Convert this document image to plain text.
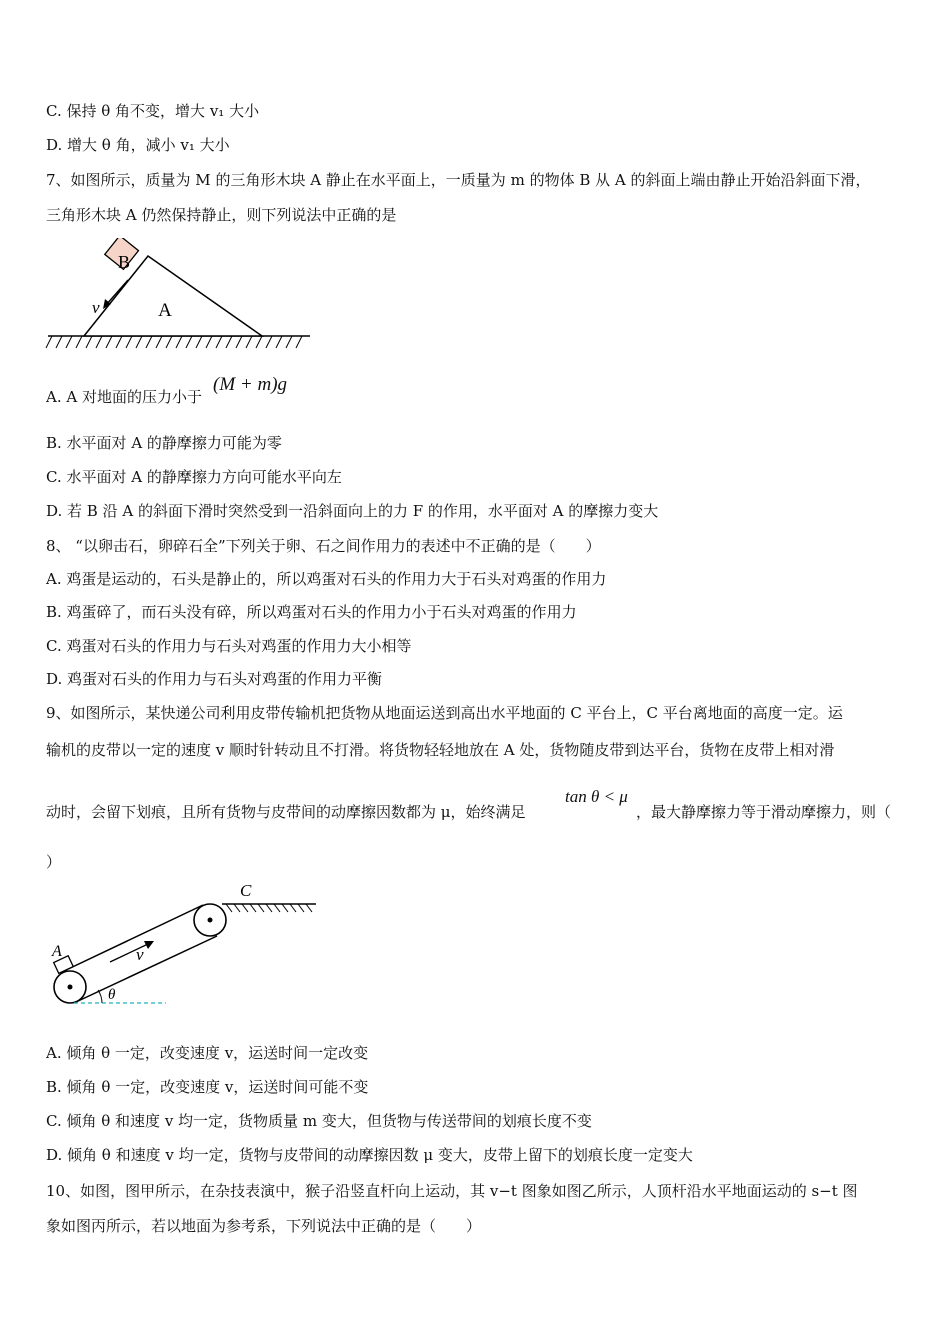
C. 保持 θ 角不变，增大 v₁ 大小
D. 增大 θ 角，减小 v₁ 大小
7、如图所示，质量为 M 的三角形木块 A 静止在水平面上，一质量为 m 的物体 B 从 A 的斜面上端由静止开始沿斜面下滑，
三角形木块 A 仍然保持静止，则下列说法中正确的是
B
v	A
A. A 对地面的压力小于
(M + m)g
B. 水平面对 A 的静摩擦力可能为零
C. 水平面对 A 的静摩擦力方向可能水平向左
D. 若 B 沿 A 的斜面下滑时突然受到一沿斜面向上的力 F 的作用，水平面对 A 的摩擦力变大
8、 “以卵击石，卵碎石全”下列关于卵、石之间作用力的表述中不正确的是（　　）
A. 鸡蛋是运动的，石头是静止的，所以鸡蛋对石头的作用力大于石头对鸡蛋的作用力
B. 鸡蛋碎了，而石头没有碎，所以鸡蛋对石头的作用力小于石头对鸡蛋的作用力
C. 鸡蛋对石头的作用力与石头对鸡蛋的作用力大小相等
D. 鸡蛋对石头的作用力与石头对鸡蛋的作用力平衡
9、如图所示，某快递公司利用皮带传输机把货物从地面运送到高出水平地面的 C 平台上，C 平台离地面的高度一定。运
输机的皮带以一定的速度 v 顺时针转动且不打滑。将货物轻轻地放在 A 处，货物随皮带到达平台，货物在皮带上相对滑
动时，会留下划痕，且所有货物与皮带间的动摩擦因数都为 μ，始终满足
tan θ < μ
，最大静摩擦力等于滑动摩擦力，则（
）
C
A	v
θ
A. 倾角 θ 一定，改变速度 v，运送时间一定改变
B. 倾角 θ 一定，改变速度 v，运送时间可能不变
C. 倾角 θ 和速度 v 均一定，货物质量 m 变大，但货物与传送带间的划痕长度不变
D. 倾角 θ 和速度 v 均一定，货物与皮带间的动摩擦因数 μ 变大，皮带上留下的划痕长度一定变大
10、如图，图甲所示，在杂技表演中，猴子沿竖直杆向上运动，其 v−t 图象如图乙所示，人顶杆沿水平地面运动的 s−t 图
象如图丙所示，若以地面为参考系，下列说法中正确的是（　　）
